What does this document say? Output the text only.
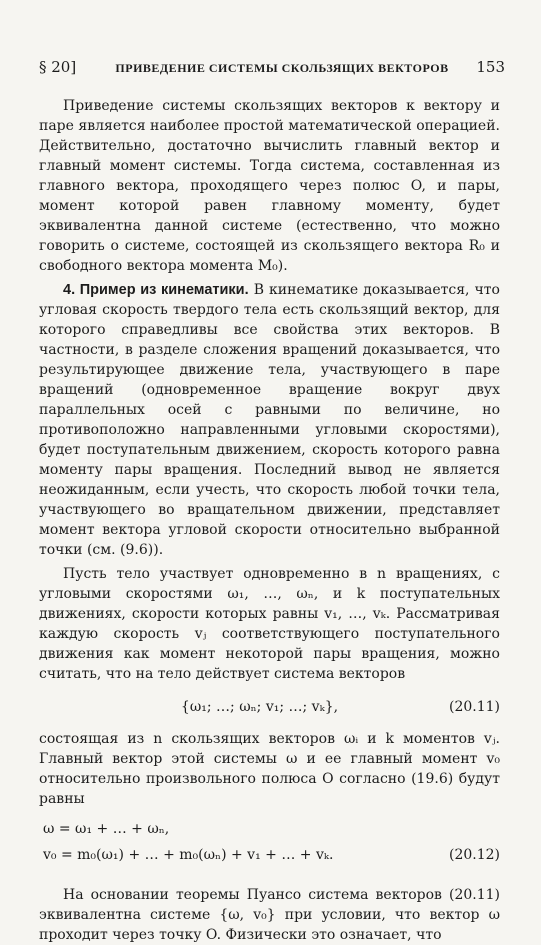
§ 20]	ПРИВЕДЕНИЕ СИСТЕМЫ СКОЛЬЗЯЩИХ ВЕКТОРОВ	153

Приведение системы скользящих векторов к вектору и паре является наиболее простой математической операцией. Действительно, достаточно вычислить главный вектор и главный момент системы. Тогда система, составленная из главного вектора, проходящего через полюс O, и пары, момент которой равен главному моменту, будет эквивалентна данной системе (естественно, что можно говорить о системе, состоящей из скользящего вектора R₀ и свободного вектора момента M₀).

4. Пример из кинематики. В кинематике доказывается, что угловая скорость твердого тела есть скользящий вектор, для которого справедливы все свойства этих векторов. В частности, в разделе сложения вращений доказывается, что результирующее движение тела, участвующего в паре вращений (одновременное вращение вокруг двух параллельных осей с равными по величине, но противоположно направленными угловыми скоростями), будет поступательным движением, скорость которого равна моменту пары вращения. Последний вывод не является неожиданным, если учесть, что скорость любой точки тела, участвующего во вращательном движении, представляет момент вектора угловой скорости относительно выбранной точки (см. (9.6)).

Пусть тело участвует одновременно в n вращениях, с угловыми скоростями ω₁, …, ωₙ, и k поступательных движениях, скорости которых равны v₁, …, vₖ. Рассматривая каждую скорость vⱼ соответствующего поступательного движения как момент некоторой пары вращения, можно считать, что на тело действует система векторов

{ω₁; …; ωₙ; v₁; …; vₖ},	(20.11)

состоящая из n скользящих векторов ωᵢ и k моментов vⱼ. Главный вектор этой системы ω и ее главный момент v₀ относительно произвольного полюса O согласно (19.6) будут равны

ω = ω₁ + … + ωₙ,
v₀ = m₀(ω₁) + … + m₀(ωₙ) + v₁ + … + vₖ.	(20.12)

На основании теоремы Пуансо система векторов (20.11) эквивалентна системе {ω, v₀} при условии, что вектор ω проходит через точку O. Физически это означает, что
